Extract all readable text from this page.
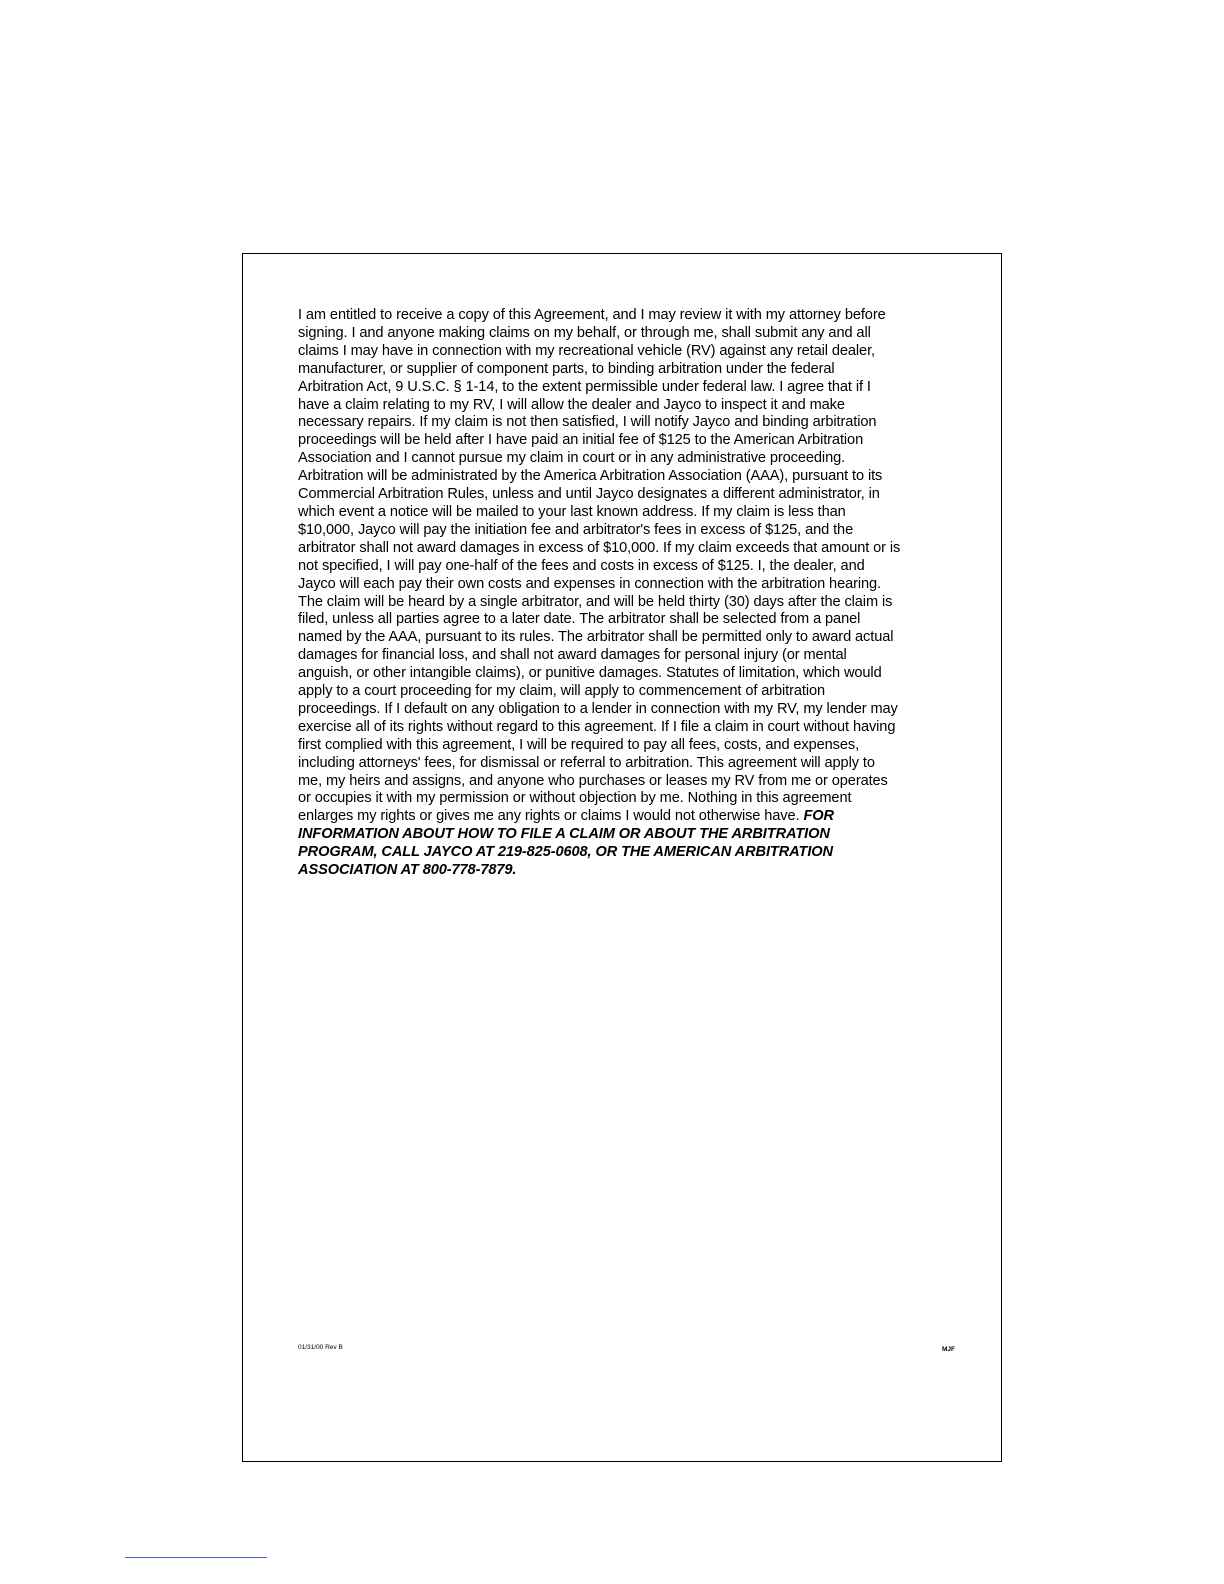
I am entitled to receive a copy of this Agreement, and I may review it with my attorney before
signing. I and anyone making claims on my behalf, or through me, shall submit any and all
claims I may have in connection with my recreational vehicle (RV) against any retail dealer,
manufacturer, or supplier of component parts, to binding arbitration under the federal
Arbitration Act, 9 U.S.C. § 1-14, to the extent permissible under federal law. I agree that if I
have a claim relating to my RV, I will allow the dealer and Jayco to inspect it and make
necessary repairs. If my claim is not then satisfied, I will notify Jayco and binding arbitration
proceedings will be held after I have paid an initial fee of $125 to the American Arbitration
Association and I cannot pursue my claim in court or in any administrative proceeding.
Arbitration will be administrated by the America Arbitration Association (AAA), pursuant to its
Commercial Arbitration Rules, unless and until Jayco designates a different administrator, in
which event a notice will be mailed to your last known address. If my claim is less than
$10,000, Jayco will pay the initiation fee and arbitrator's fees in excess of $125, and the
arbitrator shall not award damages in excess of $10,000. If my claim exceeds that amount or is
not specified, I will pay one-half of the fees and costs in excess of $125. I, the dealer, and
Jayco will each pay their own costs and expenses in connection with the arbitration hearing.
The claim will be heard by a single arbitrator, and will be held thirty (30) days after the claim is
filed, unless all parties agree to a later date. The arbitrator shall be selected from a panel
named by the AAA, pursuant to its rules. The arbitrator shall be permitted only to award actual
damages for financial loss, and shall not award damages for personal injury (or mental
anguish, or other intangible claims), or punitive damages. Statutes of limitation, which would
apply to a court proceeding for my claim, will apply to commencement of arbitration
proceedings. If I default on any obligation to a lender in connection with my RV, my lender may
exercise all of its rights without regard to this agreement. If I file a claim in court without having
first complied with this agreement, I will be required to pay all fees, costs, and expenses,
including attorneys' fees, for dismissal or referral to arbitration. This agreement will apply to
me, my heirs and assigns, and anyone who purchases or leases my RV from me or operates
or occupies it with my permission or without objection by me. Nothing in this agreement
enlarges my rights or gives me any rights or claims I would not otherwise have. FOR
INFORMATION ABOUT HOW TO FILE A CLAIM OR ABOUT THE ARBITRATION
PROGRAM, CALL JAYCO AT 219-825-0608, OR THE AMERICAN ARBITRATION
ASSOCIATION AT 800-778-7879.

01/31/00 Rev B	MJF
